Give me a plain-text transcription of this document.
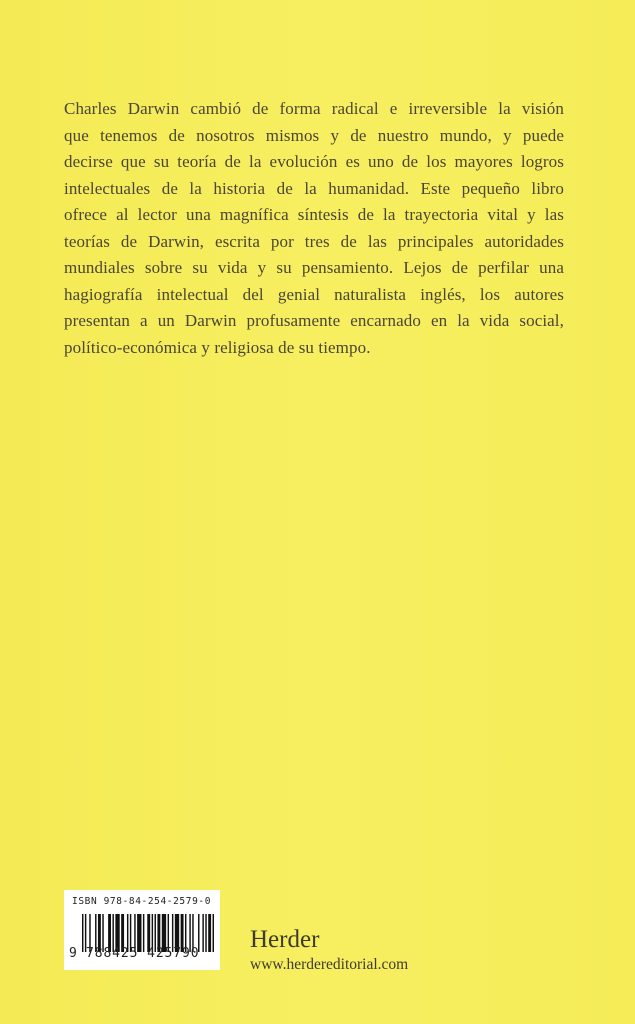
Charles Darwin cambió de forma radical e irreversible la visión
que tenemos de nosotros mismos y de nuestro mundo, y puede
decirse que su teoría de la evolución es uno de los mayores logros
intelectuales de la historia de la humanidad. Este pequeño libro
ofrece al lector una magnífica síntesis de la trayectoria vital y las
teorías de Darwin, escrita por tres de las principales autoridades
mundiales sobre su vida y su pensamiento. Lejos de perfilar una
hagiografía intelectual del genial naturalista inglés, los autores
presentan a un Darwin profusamente encarnado en la vida social,
político-económica y religiosa de su tiempo.
ISBN 978-84-254-2579-0
9 788425 425790
Herder
www.herdereditorial.com
